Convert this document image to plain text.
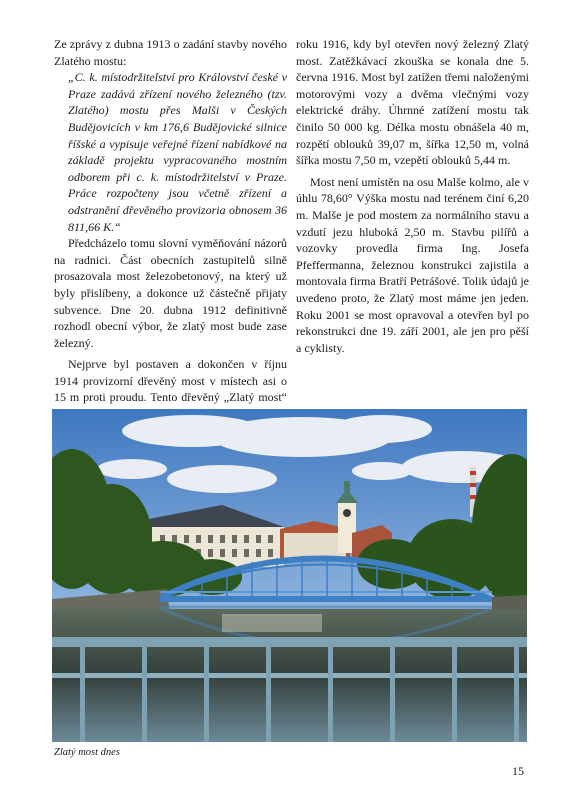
Ze zprávy z dubna 1913 o zadání stavby nového Zlatého mostu:

„C. k. místodržitelství pro Království české v Praze zadává zřízení nového železného (tzv. Zlatého) mostu přes Malši v Českých Budějovicích v km 176,6 Budějovické silnice říšské a vypisuje veřejné řízení nabídkové na základě projektu vypracovaného mostním odborem při c. k. místodržitelství v Praze. Práce rozpočteny jsou včetně zřízení a odstranění dřevěného provizoria obnosem 36 811,66 K.“

Předcházelo tomu slovní vyměňování názorů na radnici. Část obecních zastupitelů silně prosazovala most železobetonový, na který už byly přislíbeny, a dokonce už částečně přijaty subvence. Dne 20. dubna 1912 definitivně rozhodl obecní výbor, že zlatý most bude zase železný.

Nejprve byl postaven a dokončen v říjnu 1914 provizorní dřevěný most v místech asi o 15 m proti proudu. Tento dřevěný „Zlatý most“

roku 1916, kdy byl otevřen nový železný Zlatý most. Zatěžkávací zkouška se konala dne 5. června 1916. Most byl zatížen třemi naloženými motorovými vozy a dvěma vlečnými vozy elektrické dráhy. Úhrnné zatížení mostu tak činilo 50 000 kg. Délka mostu obnášela 40 m, rozpětí oblouků 39,07 m, šířka 12,50 m, volná šířka mostu 7,50 m, vzepětí oblouků 5,44 m.

Most není umístěn na osu Malše kolmo, ale v úhlu 78,60° Výška mostu nad terénem činí 6,20 m. Malše je pod mostem za normálního stavu a vzdutí jezu hluboká 2,50 m. Stavbu pilířů a vozovky provedla firma Ing. Josefa Pfeffermanna, železnou konstrukci zajistila a montovala firma Bratří Petrášové. Tolik údajů je uvedeno proto, že Zlatý most máme jen jeden. Roku 2001 se most opravoval a otevřen byl po rekonstrukci dne 19. září 2001, ale jen pro pěší a cyklisty.

Zlatý most dnes
15
